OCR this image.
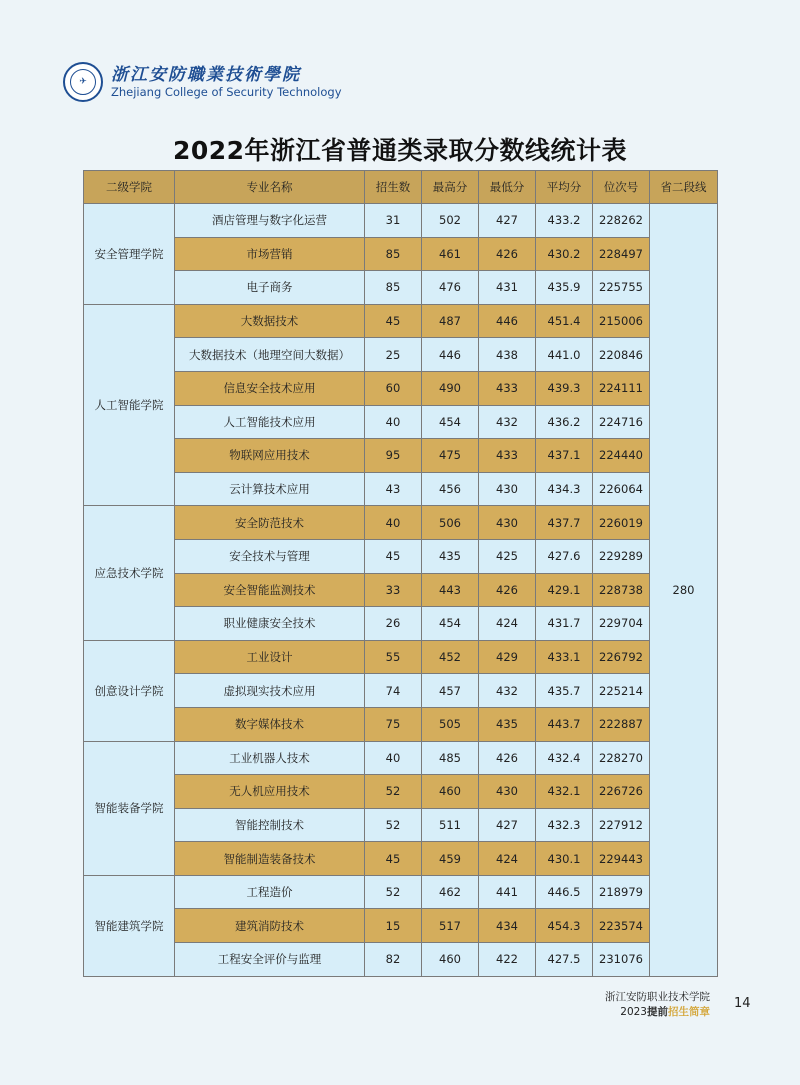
✈	浙江安防職業技術學院
Zhejiang College of Security Technology
2022年浙江省普通类录取分数线统计表
二级学院	专业名称	招生数	最高分	最低分	平均分	位次号	省二段线
安全管理学院	酒店管理与数字化运营	31	502	427	433.2	228262	280
	市场营销	85	461	426	430.2	228497	
	电子商务	85	476	431	435.9	225755	
人工智能学院	大数据技术	45	487	446	451.4	215006	
	大数据技术（地理空间大数据）	25	446	438	441.0	220846	
	信息安全技术应用	60	490	433	439.3	224111	
	人工智能技术应用	40	454	432	436.2	224716	
	物联网应用技术	95	475	433	437.1	224440	
	云计算技术应用	43	456	430	434.3	226064	
应急技术学院	安全防范技术	40	506	430	437.7	226019	
	安全技术与管理	45	435	425	427.6	229289	
	安全智能监测技术	33	443	426	429.1	228738	
	职业健康安全技术	26	454	424	431.7	229704	
创意设计学院	工业设计	55	452	429	433.1	226792	
	虚拟现实技术应用	74	457	432	435.7	225214	
	数字媒体技术	75	505	435	443.7	222887	
智能装备学院	工业机器人技术	40	485	426	432.4	228270	
	无人机应用技术	52	460	430	432.1	226726	
	智能控制技术	52	511	427	432.3	227912	
	智能制造装备技术	45	459	424	430.1	229443	
智能建筑学院	工程造价	52	462	441	446.5	218979	
	建筑消防技术	15	517	434	454.3	223574	
	工程安全评价与监理	82	460	422	427.5	231076	
浙江安防职业技术学院
2023提前招生简章
14
